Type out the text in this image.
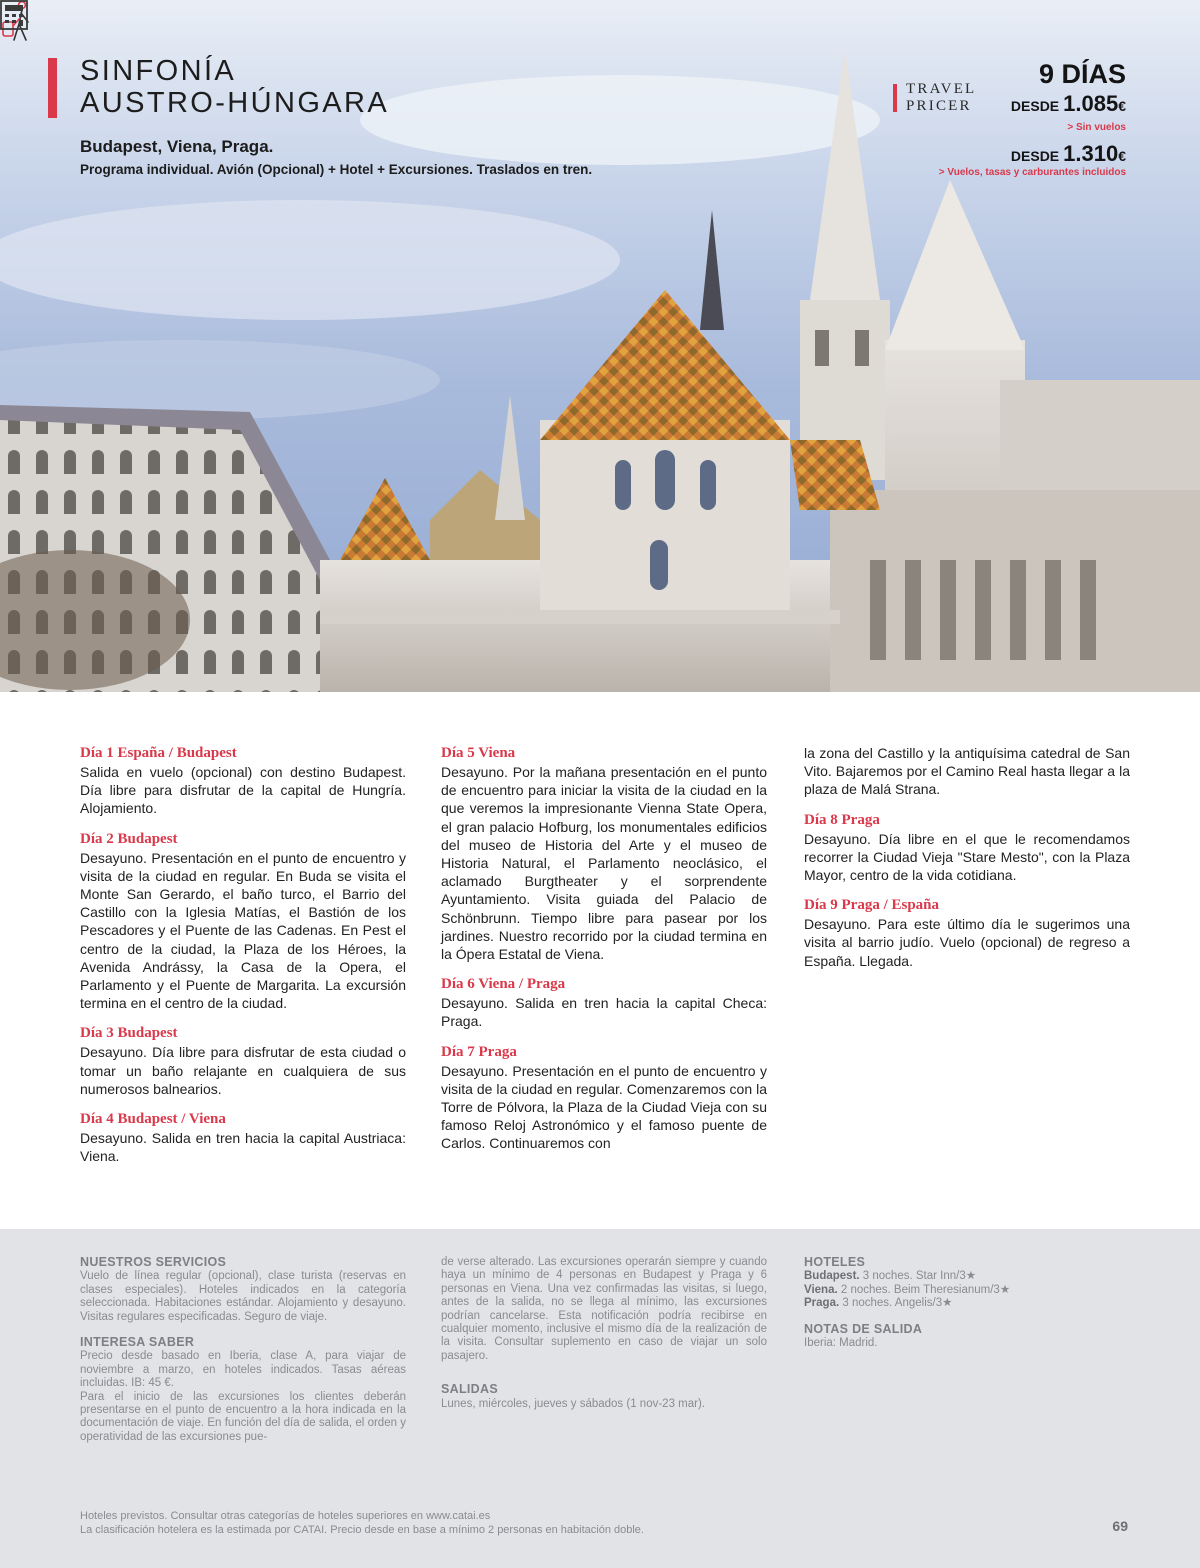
SINFONÍA
AUSTRO-HÚNGARA
Budapest, Viena, Praga.
Programa individual. Avión (Opcional) + Hotel + Excursiones. Traslados en tren.
TRAVEL
PRICER
9 DÍAS
DESDE 1.085€
> Sin vuelos
DESDE 1.310€
> Vuelos, tasas y carburantes incluidos
Día 1 España / Budapest
Salida en vuelo (opcional) con destino Budapest. Día libre para disfrutar de la capital de Hungría. Alojamiento.
Día 2 Budapest
Desayuno. Presentación en el punto de encuentro y visita de la ciudad en regular. En Buda se visita el Monte San Gerardo, el baño turco, el Barrio del Castillo con la Iglesia Matías, el Bastión de los Pescadores y el Puente de las Cadenas. En Pest el centro de la ciudad, la Plaza de los Héroes, la Avenida Andrássy, la Casa de la Opera, el Parlamento y el Puente de Margarita. La excursión termina en el centro de la ciudad.
Día 3 Budapest
Desayuno. Día libre para disfrutar de esta ciudad o tomar un baño relajante en cualquiera de sus numerosos balnearios.
Día 4 Budapest / Viena
Desayuno. Salida en tren hacia la capital Austriaca: Viena.
Día 5 Viena
Desayuno. Por la mañana presentación en el punto de encuentro para iniciar la visita de la ciudad en la que veremos la impresionante Vienna State Opera, el gran palacio Hofburg, los monumentales edificios del museo de Historia del Arte y el museo de Historia Natural, el Parlamento neoclásico, el aclamado Burgtheater y el sorprendente Ayuntamiento. Visita guiada del Palacio de Schönbrunn. Tiempo libre para pasear por los jardines. Nuestro recorrido por la ciudad termina en la Ópera Estatal de Viena.
Día 6 Viena / Praga
Desayuno. Salida en tren hacia la capital Checa: Praga.
Día 7 Praga
Desayuno. Presentación en el punto de encuentro y visita de la ciudad en regular. Comenzaremos con la Torre de Pólvora, la Plaza de la Ciudad Vieja con su famoso Reloj Astronómico y el famoso puente de Carlos. Continuaremos con
la zona del Castillo y la antiquísima catedral de San Vito. Bajaremos por el Camino Real hasta llegar a la plaza de Malá Strana.
Día 8 Praga
Desayuno. Día libre en el que le recomendamos recorrer la Ciudad Vieja "Stare Mesto", con la Plaza Mayor, centro de la vida cotidiana.
Día 9 Praga / España
Desayuno. Para este último día le sugerimos una visita al barrio judío. Vuelo (opcional) de regreso a España. Llegada.
NUESTROS SERVICIOS

Vuelo de línea regular (opcional), clase turista (reservas en clases especiales). Hoteles indicados en la categoría seleccionada. Habitaciones estándar. Alojamiento y desayuno. Visitas regulares especificadas. Seguro de viaje.

INTERESA SABER

Precio desde basado en Iberia, clase A, para viajar de noviembre a marzo, en hoteles indicados. Tasas aéreas incluidas. IB: 45 €.

Para el inicio de las excursiones los clientes deberán presentarse en el punto de encuentro a la hora indicada en la documentación de viaje. En función del día de salida, el orden y operatividad de las excursiones pue-

de verse alterado. Las excursiones operarán siempre y cuando haya un mínimo de 4 personas en Budapest y Praga y 6 personas en Viena. Una vez confirmadas las visitas, si luego, antes de la salida, no se llega al mínimo, las excursiones podrían cancelarse. Esta notificación podría recibirse en cualquier momento, inclusive el mismo día de la realización de la visita. Consultar suplemento en caso de viajar un solo pasajero.

SALIDAS

Lunes, miércoles, jueves y sábados (1 nov-23 mar).

HOTELES

Budapest. 3 noches. Star Inn/3★

Viena. 2 noches. Beim Theresianum/3★

Praga. 3 noches. Angelis/3★

NOTAS DE SALIDA

Iberia: Madrid.

Hoteles previstos. Consultar otras categorías de hoteles superiores en www.catai.es
La clasificación hotelera es la estimada por CATAI. Precio desde en base a mínimo 2 personas en habitación doble.	69
